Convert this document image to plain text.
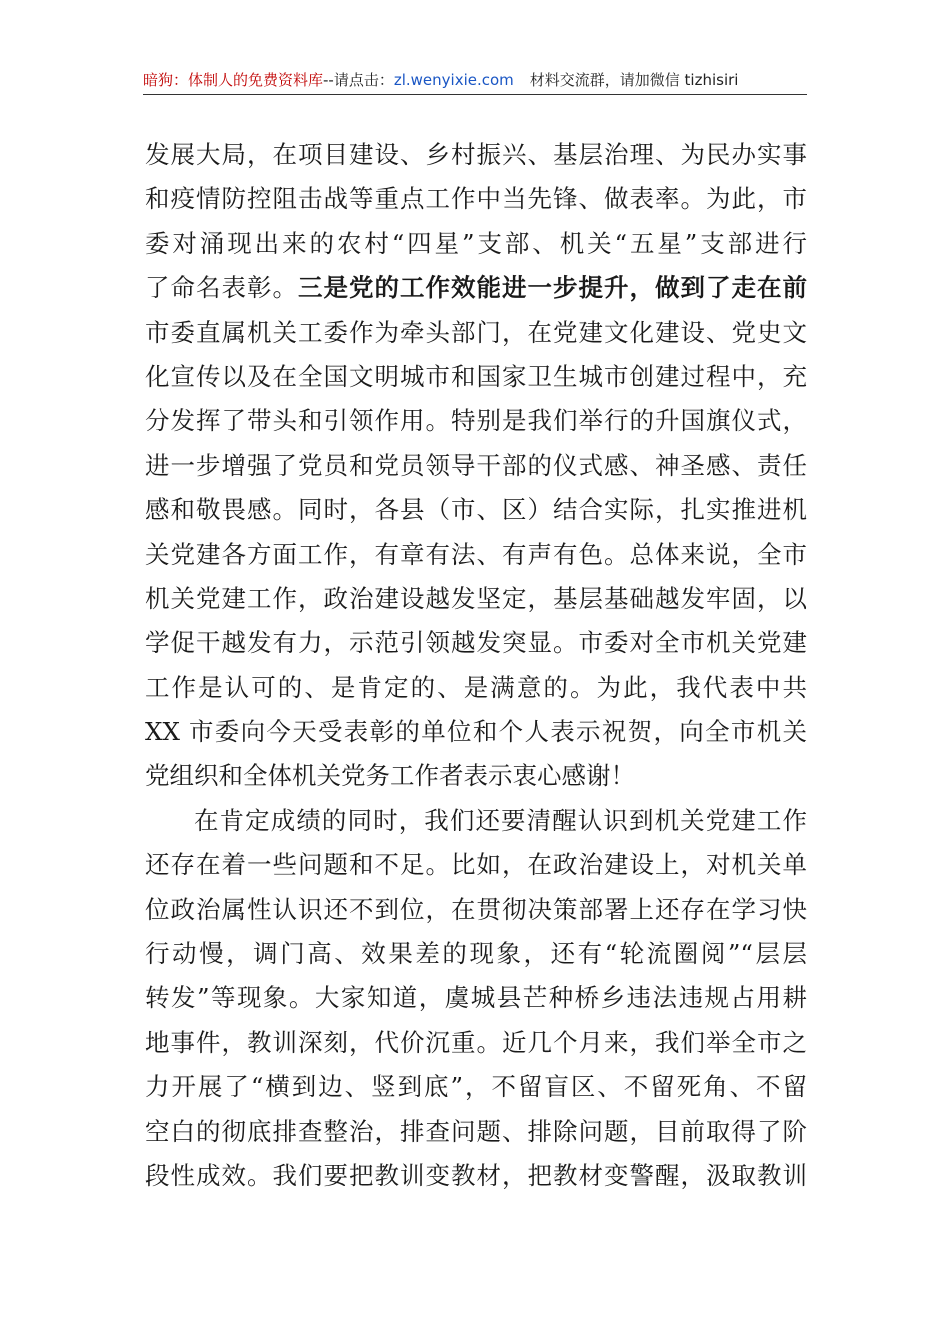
暗狗：体制人的免费资料库--请点击：zl.wenyixie.com 材料交流群，请加微信 tizhisiri
发展大局，在项目建设、乡村振兴、基层治理、为民办实事
和疫情防控阻击战等重点工作中当先锋、做表率。为此，市
委对涌现出来的农村“四星”支部、机关“五星”支部进行
了命名表彰。三是党的工作效能进一步提升，做到了走在前
市委直属机关工委作为牵头部门，在党建文化建设、党史文
化宣传以及在全国文明城市和国家卫生城市创建过程中，充
分发挥了带头和引领作用。特别是我们举行的升国旗仪式，
进一步增强了党员和党员领导干部的仪式感、神圣感、责任
感和敬畏感。同时，各县（市、区）结合实际，扎实推进机
关党建各方面工作，有章有法、有声有色。总体来说，全市
机关党建工作，政治建设越发坚定，基层基础越发牢固，以
学促干越发有力，示范引领越发突显。市委对全市机关党建
工作是认可的、是肯定的、是满意的。为此，我代表中共
XX 市委向今天受表彰的单位和个人表示祝贺，向全市机关
党组织和全体机关党务工作者表示衷心感谢！
在肯定成绩的同时，我们还要清醒认识到机关党建工作
还存在着一些问题和不足。比如，在政治建设上，对机关单
位政治属性认识还不到位，在贯彻决策部署上还存在学习快
行动慢，调门高、效果差的现象，还有“轮流圈阅”“层层
转发”等现象。大家知道，虞城县芒种桥乡违法违规占用耕
地事件，教训深刻，代价沉重。近几个月来，我们举全市之
力开展了“横到边、竖到底”，不留盲区、不留死角、不留
空白的彻底排查整治，排查问题、排除问题，目前取得了阶
段性成效。我们要把教训变教材，把教材变警醒，汲取教训
